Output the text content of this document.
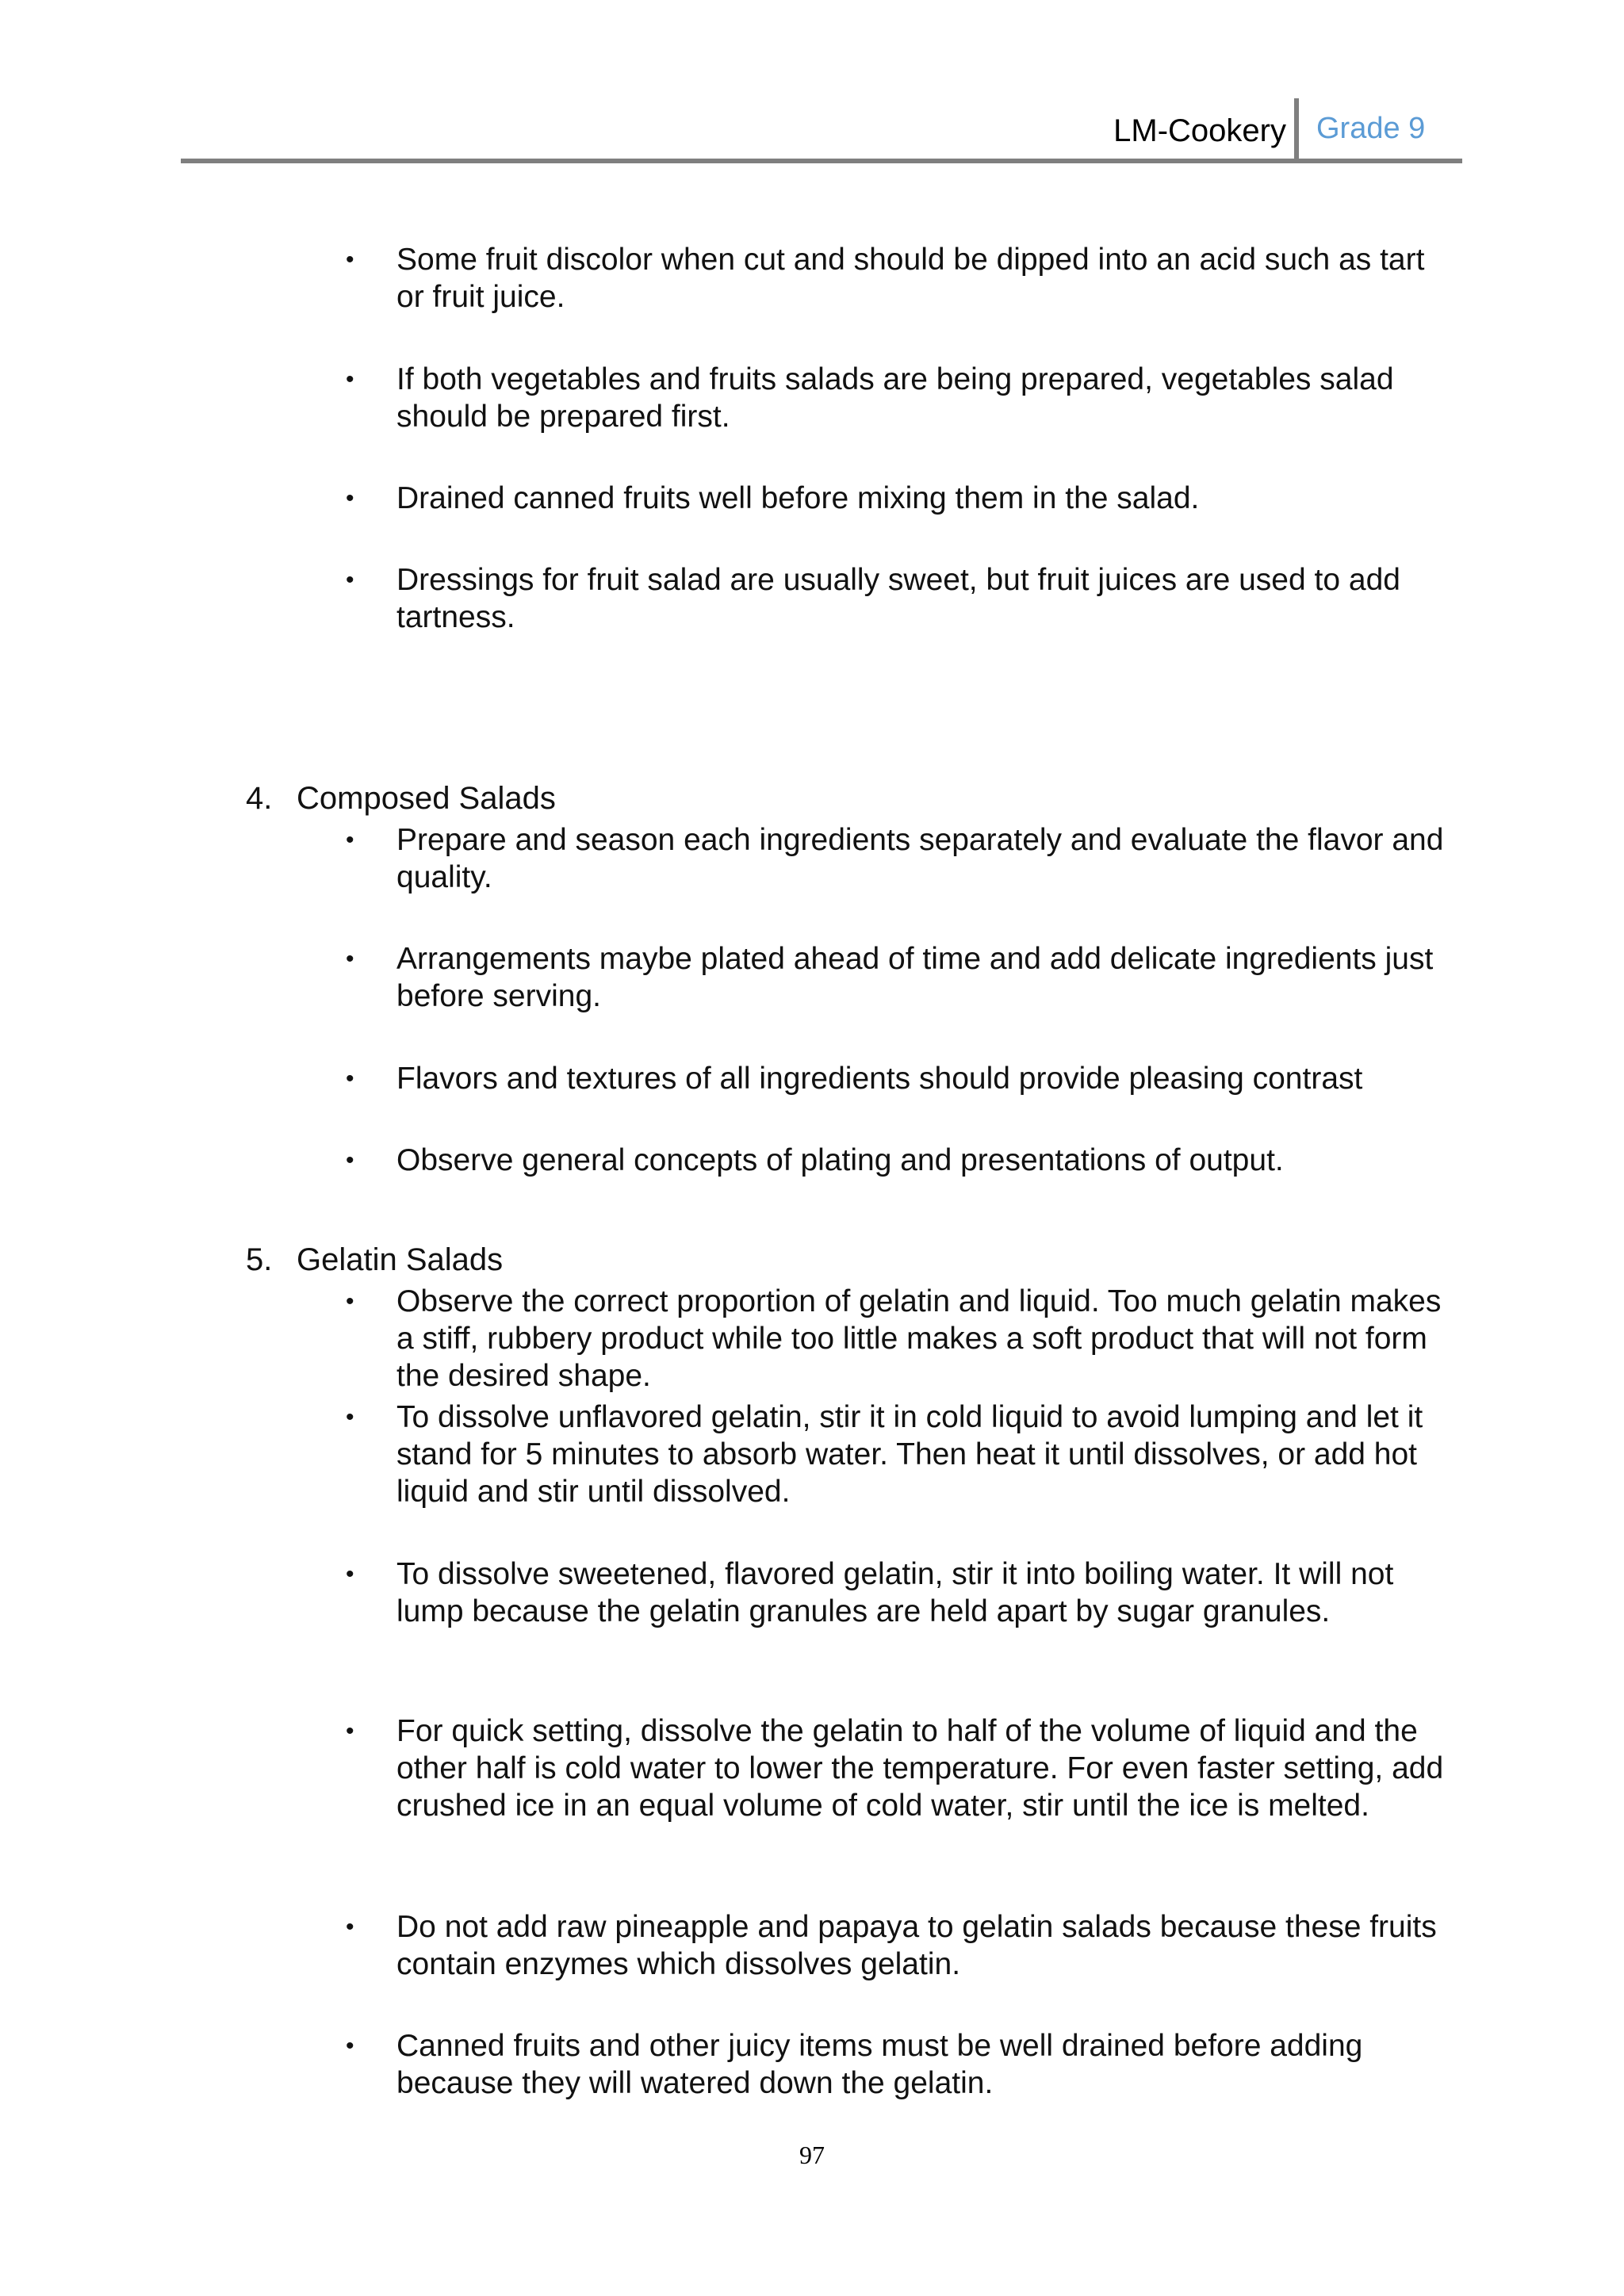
LM-Cookery Grade 9
• Some fruit discolor when cut and should be dipped into an acid such as tart or fruit juice.
• If both vegetables and fruits salads are being prepared, vegetables salad should be prepared first.
• Drained canned fruits well before mixing them in the salad.
• Dressings for fruit salad are usually sweet, but fruit juices are used to add tartness.
4. Composed Salads
• Prepare and season each ingredients separately and evaluate the flavor and quality.
• Arrangements maybe plated ahead of time and add delicate ingredients just before serving.
• Flavors and textures of all ingredients should provide pleasing contrast
• Observe general concepts of plating and presentations of output.
5. Gelatin Salads
• Observe the correct proportion of gelatin and liquid. Too much gelatin makes a stiff, rubbery product while too little makes a soft product that will not form the desired shape.
• To dissolve unflavored gelatin, stir it in cold liquid to avoid lumping and let it stand for 5 minutes to absorb water. Then heat it until dissolves, or add hot liquid and stir until dissolved.
• To dissolve sweetened, flavored gelatin, stir it into boiling water. It will not lump because the gelatin granules are held apart by sugar granules.
• For quick setting, dissolve the gelatin to half of the volume of liquid and the other half is cold water to lower the temperature. For even faster setting, add crushed ice in an equal volume of cold water, stir until the ice is melted.
• Do not add raw pineapple and papaya to gelatin salads because these fruits contain enzymes which dissolves gelatin.
• Canned fruits and other juicy items must be well drained before adding because they will watered down the gelatin.
97
